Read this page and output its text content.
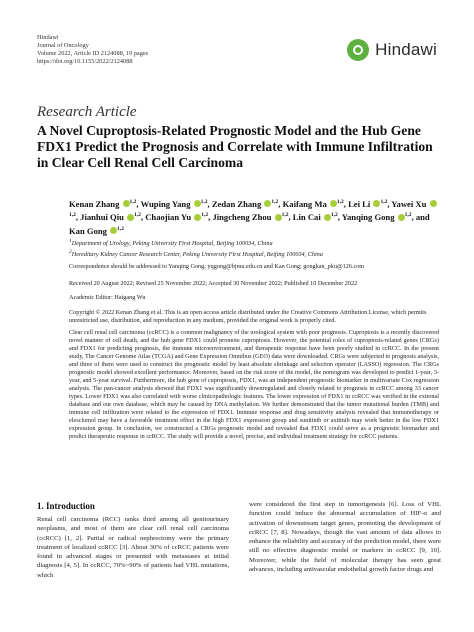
Hindawi
Journal of Oncology
Volume 2022, Article ID 2124088, 19 pages
https://doi.org/10.1155/2022/2124088
Hindawi
Research Article
A Novel Cuproptosis-Related Prognostic Model and the Hub Gene FDX1 Predict the Prognosis and Correlate with Immune Infiltration in Clear Cell Renal Cell Carcinoma
Kenan Zhang $^{1,2}$, Wuping Yang $^{1,2}$, Zedan Zhang $^{1,2}$, Kaifang Ma $^{1,2}$, Lei Li $^{1,2}$, Yawei Xu $^{1,2}$, Jianhui Qiu $^{1,2}$, Chaojian Yu $^{1,2}$, Jingcheng Zhou $^{1,2}$, Lin Cai $^{1,2}$, Yanqing Gong $^{1,2}$, and Kan Gong $^{1,2}$
1Department of Urology, Peking University First Hospital, Beijing 100034, China
2Hereditary Kidney Cancer Research Center, Peking University First Hospital, Beijing 100034, China
Correspondence should be addressed to Yanqing Gong; yqgong@bjmu.edu.cn and Kan Gong; gongkan_pku@126.com
Received 20 August 2022; Revised 25 November 2022; Accepted 30 November 2022; Published 10 December 2022
Academic Editor: Haigang Wu
Copyright © 2022 Kenan Zhang et al. This is an open access article distributed under the Creative Commons Attribution License, which permits unrestricted use, distribution, and reproduction in any medium, provided the original work is properly cited.
Clear cell renal cell carcinoma (ccRCC) is a common malignancy of the urological system with poor prognosis. Cuproptosis is a recently discovered novel manner of cell death, and the hub gene FDX1 could promote cuproptosis. However, the potential roles of cuproptosis-related genes (CRGs) and FDX1 for predicting prognosis, the immune microenvironment, and therapeutic response have been poorly studied in ccRCC. In the present study, The Cancer Genome Atlas (TCGA) and Gene Expression Omnibus (GEO) data were downloaded. CRGs were subjected to prognosis analysis, and three of them were used to construct the prognostic model by least absolute shrinkage and selection operator (LASSO) regression. The CRGs prognostic model showed excellent performance. Moreover, based on the risk score of the model, the nomogram was developed to predict 1-year, 3-year, and 5-year survival. Furthermore, the hub gene of cuproptosis, FDX1, was an independent prognostic biomarker in multivariate Cox regression analysis. The pan-cancer analysis showed that FDX1 was significantly downregulated and closely related to prognosis in ccRCC among 33 cancer types. Lower FDX1 was also correlated with worse clinicopathologic features. The lower expression of FDX1 in ccRCC was verified in the external database and our own database, which may be caused by DNA methylation. We further demonstrated that the tumor mutational burden (TMB) and immune cell infiltration were related to the expression of FDX1. Immune response and drug sensitivity analysis revealed that immunotherapy or elesclomol may have a favorable treatment effect in the high FDX1 expression group and sunitinib or axitinib may work better in the low FDX1 expression group. In conclusion, we constructed a CRGs prognostic model and revealed that FDX1 could serve as a prognostic biomarker and predict therapeutic response in ccRCC. The study will provide a novel, precise, and individual treatment strategy for ccRCC patients.
1. Introduction
Renal cell carcinoma (RCC) ranks third among all genitourinary neoplasms, and most of them are clear cell renal cell carcinoma (ccRCC) [1, 2]. Partial or radical nephrectomy were the primary treatment of localized ccRCC [3]. About 30% of ccRCC patients were found in advanced stages or presented with metastases at initial diagnosis [4, 5]. In ccRCC, 70%~90% of patients had VHL mutations, which
were considered the first step in tumorigenesis [6]. Loss of VHL function could induce the abnormal accumulation of HIF-α and activation of downstream target genes, promoting the development of ccRCC [7, 8]. Nowadays, though the vast amount of data allows to enhance the reliability and accuracy of the prediction model, there were still no effective diagnostic model or markers in ccRCC [9, 10]. Moreover, while the field of molecular therapy has seen great advances, including antivascular endothelial growth factor drugs and
